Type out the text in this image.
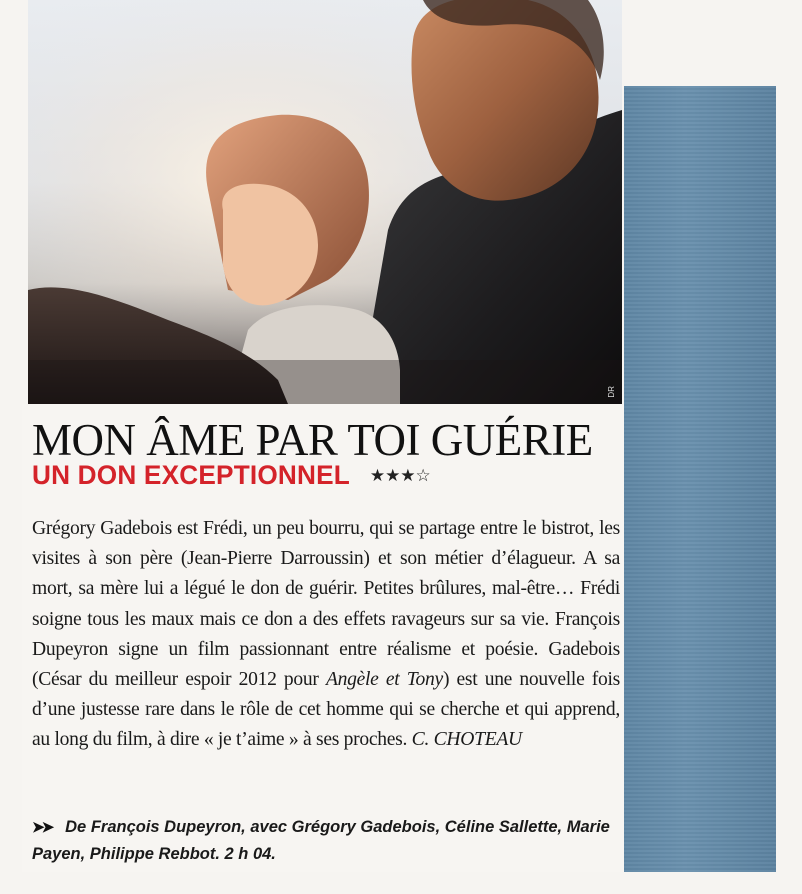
DR
MON ÂME PAR TOI GUÉRIE
UN DON EXCEPTIONNEL ★★★☆

Grégory Gadebois est Frédi, un peu bourru, qui se partage entre le bistrot, les visites à son père (Jean-Pierre Darroussin) et son métier d’élagueur. A sa mort, sa mère lui a légué le don de guérir. Petites brûlures, mal-être… Frédi soigne tous les maux mais ce don a des effets ravageurs sur sa vie. François Dupeyron signe un film passionnant entre réalisme et poésie. Gadebois (César du meilleur espoir 2012 pour Angèle et Tony) est une nouvelle fois d’une justesse rare dans le rôle de cet homme qui se cherche et qui apprend, au long du film, à dire « je t’aime » à ses proches. C. CHOTEAU

➤➤ De François Dupeyron, avec Grégory Gadebois, Céline Sallette, Marie Payen, Philippe Rebbot. 2 h 04.
